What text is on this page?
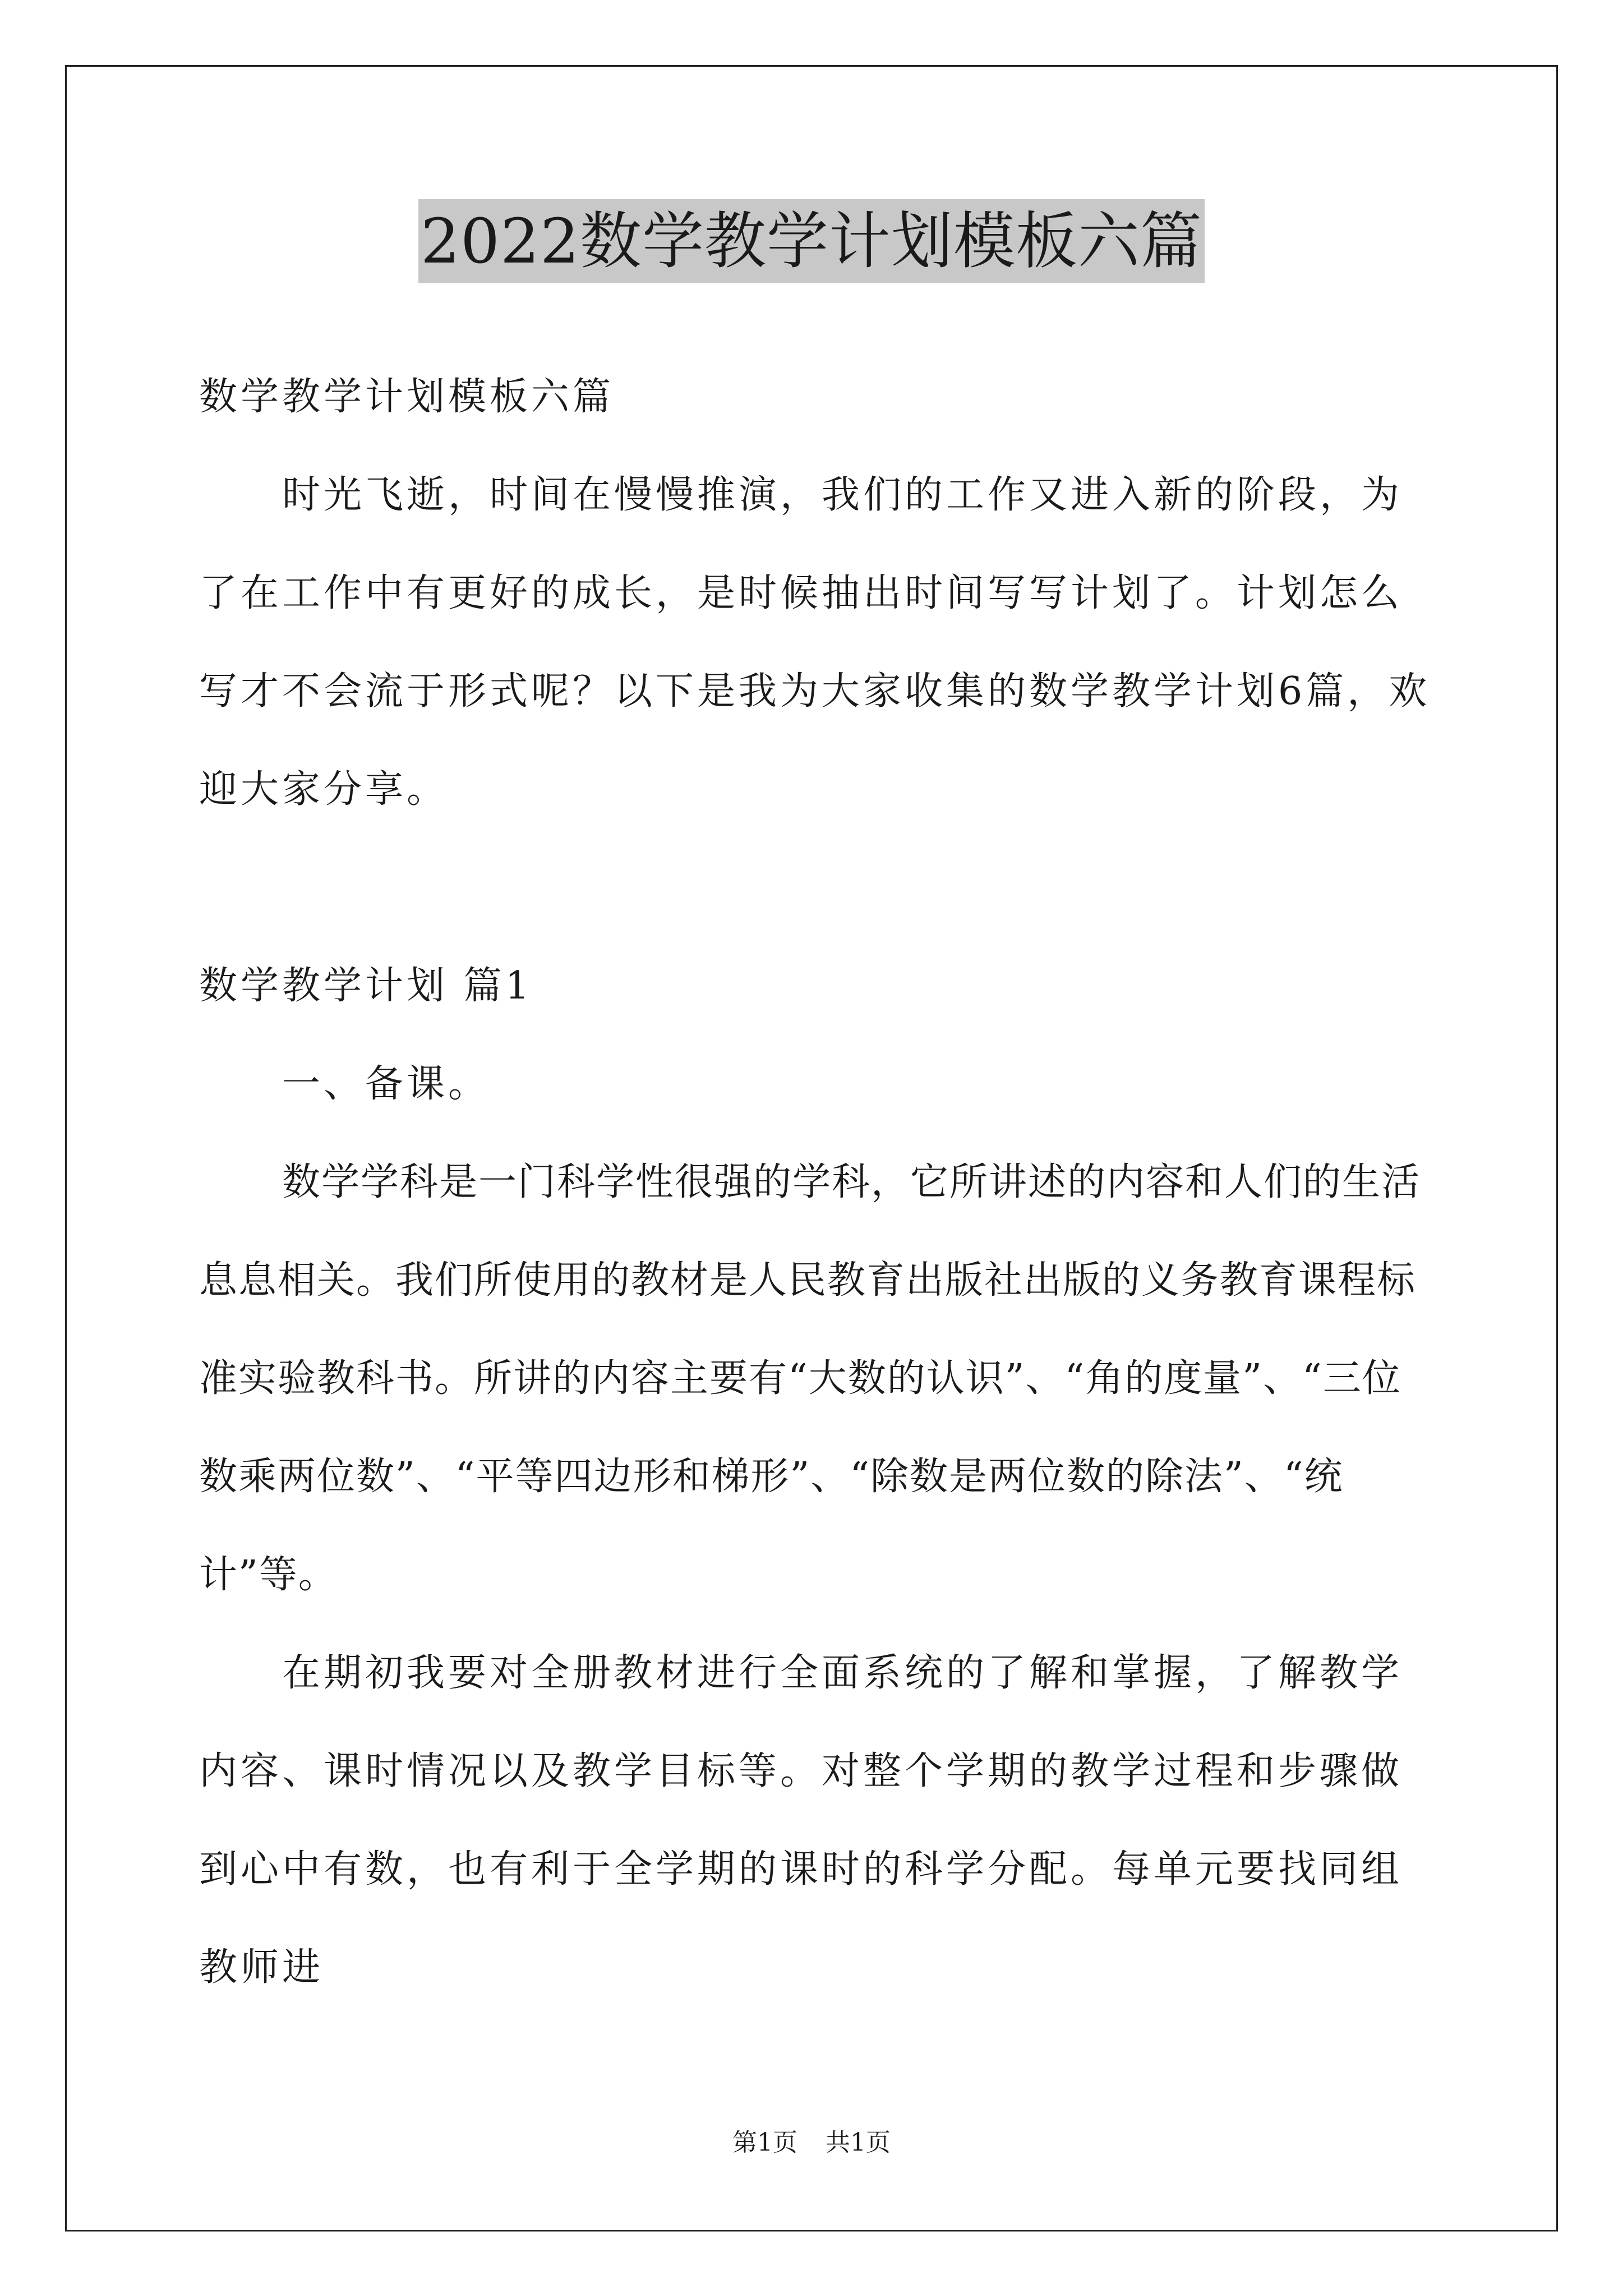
2022数学教学计划模板六篇

数学教学计划模板六篇

时光飞逝，时间在慢慢推演，我们的工作又进入新的阶段，为了在工作中有更好的成长，是时候抽出时间写写计划了。计划怎么写才不会流于形式呢？以下是我为大家收集的数学教学计划6篇，欢迎大家分享。

数学教学计划 篇1

一、备课。

数学学科是一门科学性很强的学科，它所讲述的内容和人们的生活息息相关。我们所使用的教材是人民教育出版社出版的义务教育课程标准实验教科书。所讲的内容主要有“大数的认识”、“角的度量”、“三位数乘两位数”、“平等四边形和梯形”、“除数是两位数的除法”、“统计”等。

在期初我要对全册教材进行全面系统的了解和掌握，了解教学内容、课时情况以及教学目标等。对整个学期的教学过程和步骤做到心中有数，也有利于全学期的课时的科学分配。每单元要找同组教师进

第1页 共1页
